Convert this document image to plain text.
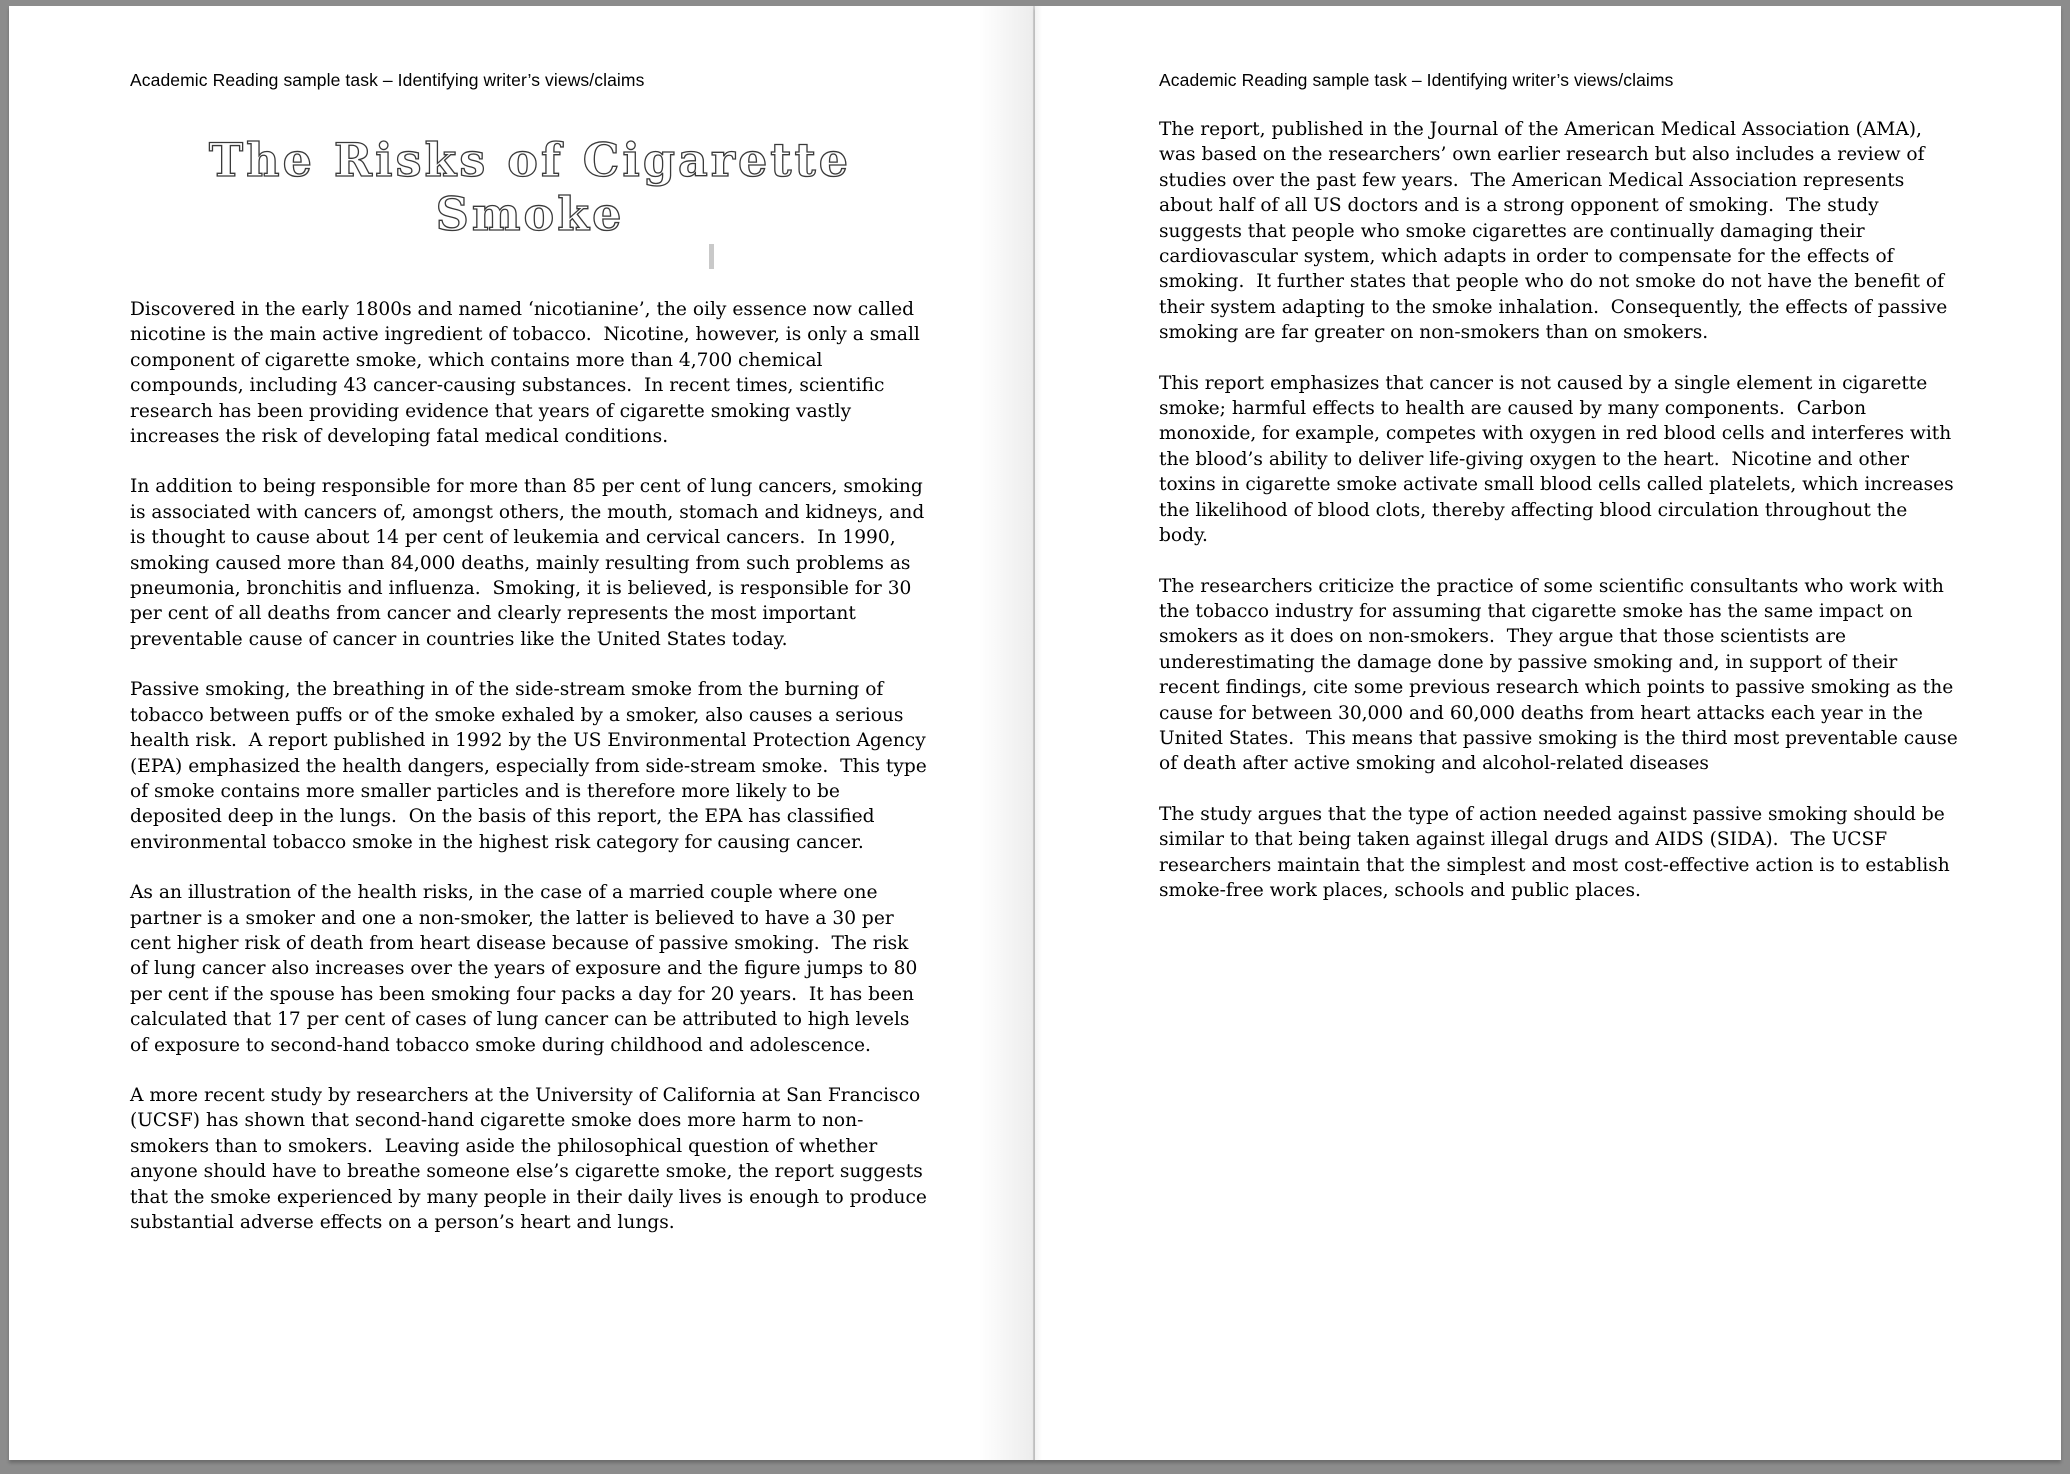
Academic Reading sample task – Identifying writer’s views/claims
The Risks of Cigarette Smoke

Discovered in the early 1800s and named ‘nicotianine’, the oily essence now called nicotine is the main active ingredient of tobacco.  Nicotine, however, is only a small component of cigarette smoke, which contains more than 4,700 chemical compounds, including 43 cancer-causing substances.  In recent times, scientific research has been providing evidence that years of cigarette smoking vastly increases the risk of developing fatal medical conditions.

In addition to being responsible for more than 85 per cent of lung cancers, smoking is associated with cancers of, amongst others, the mouth, stomach and kidneys, and is thought to cause about 14 per cent of leukemia and cervical cancers.  In 1990, smoking caused more than 84,000 deaths, mainly resulting from such problems as pneumonia, bronchitis and influenza.  Smoking, it is believed, is responsible for 30 per cent of all deaths from cancer and clearly represents the most important preventable cause of cancer in countries like the United States today.

Passive smoking, the breathing in of the side-stream smoke from the burning of tobacco between puffs or of the smoke exhaled by a smoker, also causes a serious health risk.  A report published in 1992 by the US Environmental Protection Agency (EPA) emphasized the health dangers, especially from side-stream smoke.  This type of smoke contains more smaller particles and is therefore more likely to be deposited deep in the lungs.  On the basis of this report, the EPA has classified environmental tobacco smoke in the highest risk category for causing cancer.

As an illustration of the health risks, in the case of a married couple where one partner is a smoker and one a non-smoker, the latter is believed to have a 30 per cent higher risk of death from heart disease because of passive smoking.  The risk of lung cancer also increases over the years of exposure and the figure jumps to 80 per cent if the spouse has been smoking four packs a day for 20 years.  It has been calculated that 17 per cent of cases of lung cancer can be attributed to high levels of exposure to second-hand tobacco smoke during childhood and adolescence.

A more recent study by researchers at the University of California at San Francisco (UCSF) has shown that second-hand cigarette smoke does more harm to non-smokers than to smokers.  Leaving aside the philosophical question of whether anyone should have to breathe someone else’s cigarette smoke, the report suggests that the smoke experienced by many people in their daily lives is enough to produce substantial adverse effects on a person’s heart and lungs.

Academic Reading sample task – Identifying writer’s views/claims

The report, published in the Journal of the American Medical Association (AMA), was based on the researchers’ own earlier research but also includes a review of studies over the past few years.  The American Medical Association represents about half of all US doctors and is a strong opponent of smoking.  The study suggests that people who smoke cigarettes are continually damaging their cardiovascular system, which adapts in order to compensate for the effects of smoking.  It further states that people who do not smoke do not have the benefit of their system adapting to the smoke inhalation.  Consequently, the effects of passive smoking are far greater on non-smokers than on smokers.

This report emphasizes that cancer is not caused by a single element in cigarette smoke; harmful effects to health are caused by many components.  Carbon monoxide, for example, competes with oxygen in red blood cells and interferes with the blood’s ability to deliver life-giving oxygen to the heart.  Nicotine and other toxins in cigarette smoke activate small blood cells called platelets, which increases the likelihood of blood clots, thereby affecting blood circulation throughout the body.

The researchers criticize the practice of some scientific consultants who work with the tobacco industry for assuming that cigarette smoke has the same impact on smokers as it does on non-smokers.  They argue that those scientists are underestimating the damage done by passive smoking and, in support of their recent findings, cite some previous research which points to passive smoking as the cause for between 30,000 and 60,000 deaths from heart attacks each year in the United States.  This means that passive smoking is the third most preventable cause of death after active smoking and alcohol-related diseases

The study argues that the type of action needed against passive smoking should be similar to that being taken against illegal drugs and AIDS (SIDA).  The UCSF researchers maintain that the simplest and most cost-effective action is to establish smoke-free work places, schools and public places.
